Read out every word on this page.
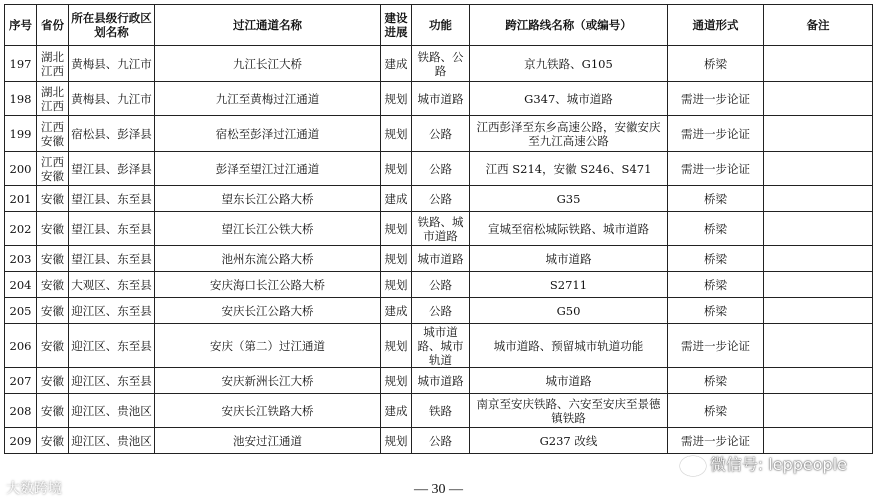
序号	省份	所在县级行政区划名称	过江通道名称	建设进展	功能	跨江路线名称（或编号）	通道形式	备注
197	湖北江西	黄梅县、九江市	九江长江大桥	建成	铁路、公路	京九铁路、G105	桥梁	
198	湖北江西	黄梅县、九江市	九江至黄梅过江通道	规划	城市道路	G347、城市道路	需进一步论证	
199	江西安徽	宿松县、彭泽县	宿松至彭泽过江通道	规划	公路	江西彭泽至东乡高速公路，安徽安庆至九江高速公路	需进一步论证	
200	江西安徽	望江县、彭泽县	彭泽至望江过江通道	规划	公路	江西 S214，安徽 S246、S471	需进一步论证	
201	安徽	望江县、东至县	望东长江公路大桥	建成	公路	G35	桥梁	
202	安徽	望江县、东至县	望江长江公铁大桥	规划	铁路、城市道路	宣城至宿松城际铁路、城市道路	桥梁	
203	安徽	望江县、东至县	池州东流公路大桥	规划	城市道路	城市道路	桥梁	
204	安徽	大观区、东至县	安庆海口长江公路大桥	规划	公路	S2711	桥梁	
205	安徽	迎江区、东至县	安庆长江公路大桥	建成	公路	G50	桥梁	
206	安徽	迎江区、东至县	安庆（第二）过江通道	规划	城市道路、城市轨道	城市道路、预留城市轨道功能	需进一步论证	
207	安徽	迎江区、东至县	安庆新洲长江大桥	规划	城市道路	城市道路	桥梁	
208	安徽	迎江区、贵池区	安庆长江铁路大桥	建成	铁路	南京至安庆铁路、六安至安庆至景德镇铁路	桥梁	
209	安徽	迎江区、贵池区	池安过江通道	规划	公路	G237 改线	需进一步论证	
微信号: leppeople
大数跨境	— 30 —
